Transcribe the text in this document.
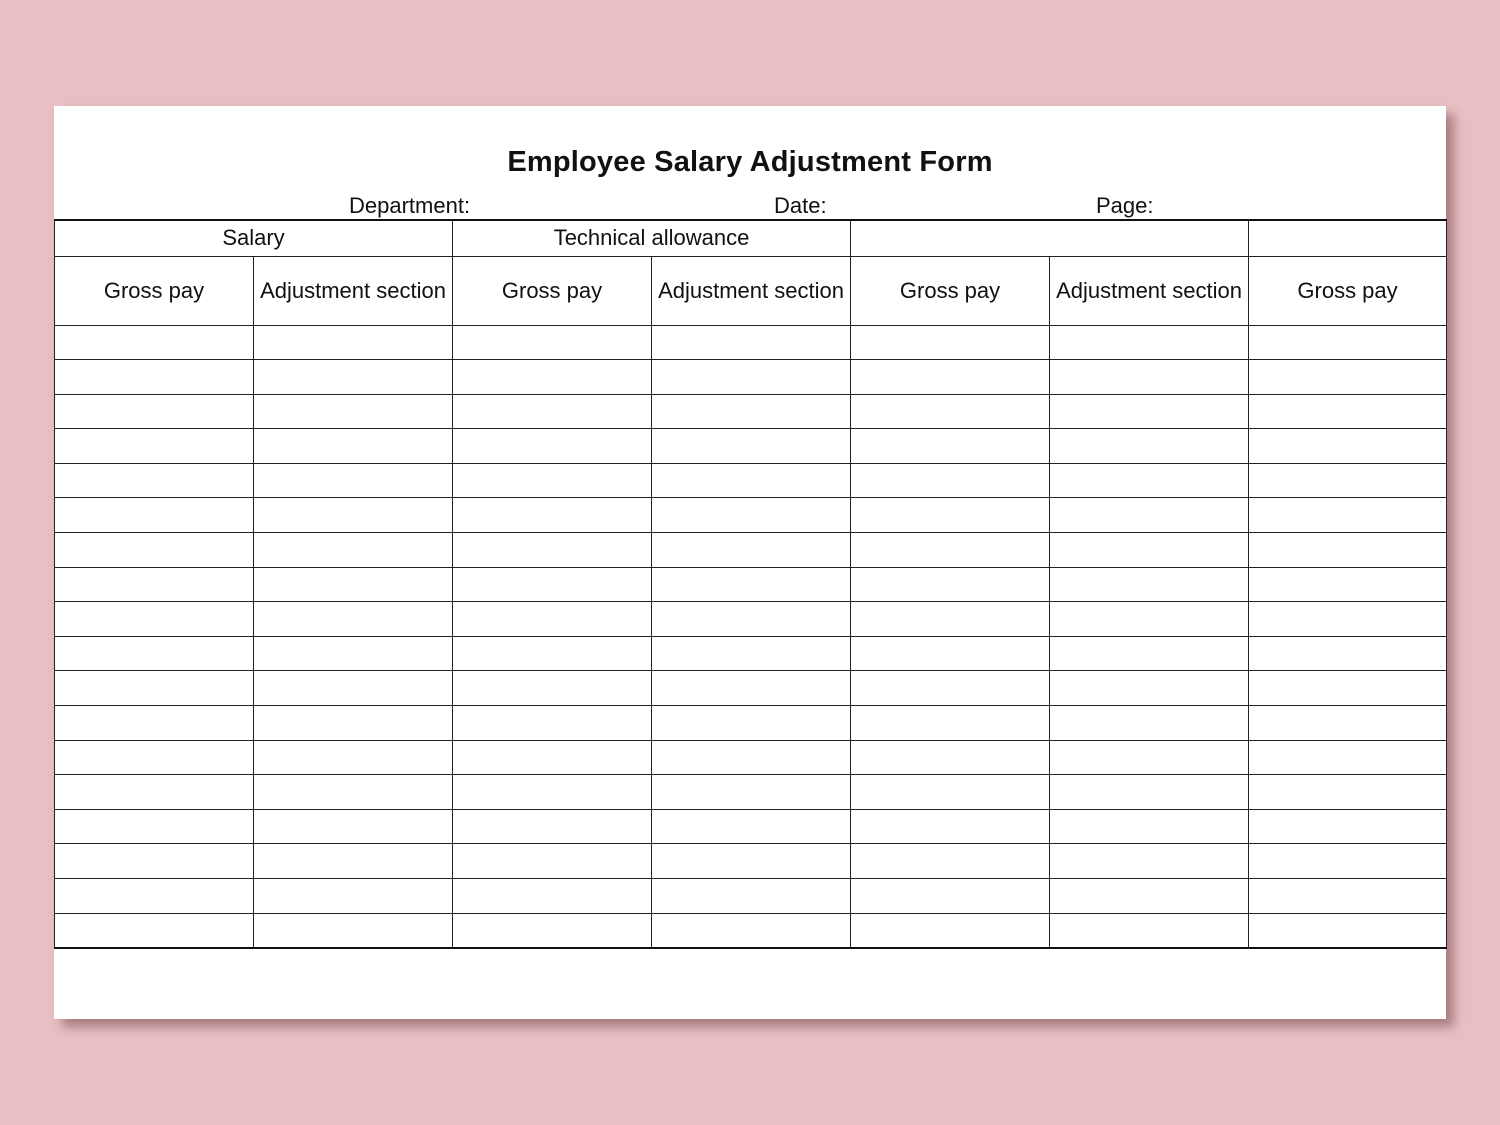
Employee Salary Adjustment Form
Department:	Date:	Page:
Salary		Technical allowance				
Gross pay	Adjustment section	Gross pay	Adjustment section	Gross pay	Adjustment section	Gross pay
